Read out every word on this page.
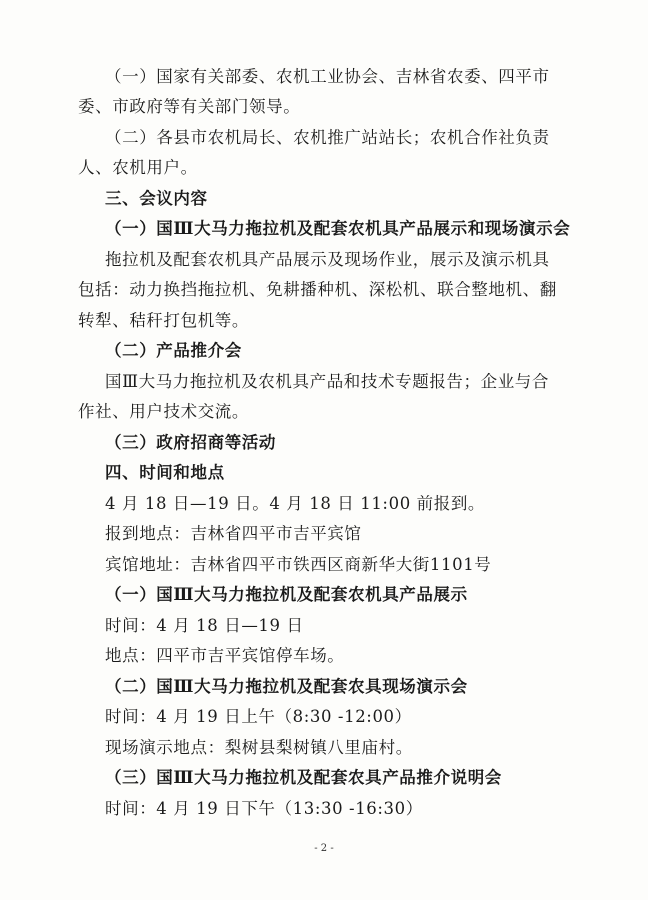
（一）国家有关部委、农机工业协会、吉林省农委、四平市
委、市政府等有关部门领导。
（二）各县市农机局长、农机推广站站长；农机合作社负责
人、农机用户。
三、会议内容
（一）国Ⅲ大马力拖拉机及配套农机具产品展示和现场演示会
拖拉机及配套农机具产品展示及现场作业，展示及演示机具
包括：动力换挡拖拉机、免耕播种机、深松机、联合整地机、翻
转犁、秸秆打包机等。
（二）产品推介会
国Ⅲ大马力拖拉机及农机具产品和技术专题报告；企业与合
作社、用户技术交流。
（三）政府招商等活动
四、时间和地点
4 月 18 日—19 日。4 月 18 日 11:00 前报到。
报到地点：吉林省四平市吉平宾馆
宾馆地址：吉林省四平市铁西区商新华大街1101号
（一）国Ⅲ大马力拖拉机及配套农机具产品展示
时间：4 月 18 日—19 日
地点：四平市吉平宾馆停车场。
（二）国Ⅲ大马力拖拉机及配套农具现场演示会
时间：4 月 19 日上午（8:30 -12:00）
现场演示地点：梨树县梨树镇八里庙村。
（三）国Ⅲ大马力拖拉机及配套农具产品推介说明会
时间：4 月 19 日下午（13:30 -16:30）
- 2 -
